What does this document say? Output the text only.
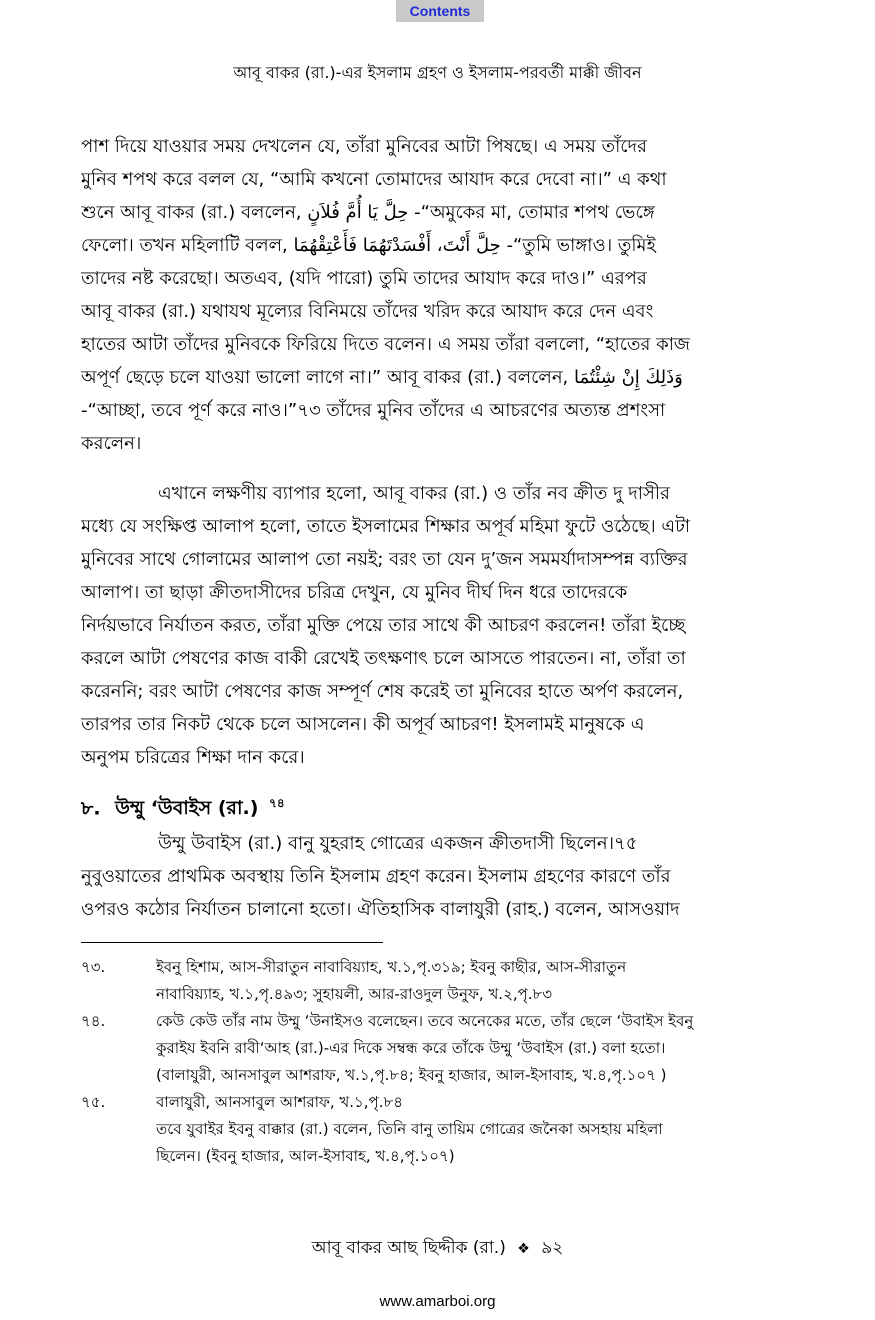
Contents
আবূ বাকর (রা.)-এর ইসলাম গ্রহণ ও ইসলাম-পরবর্তী মাক্কী জীবন
পাশ দিয়ে যাওয়ার সময় দেখলেন যে, তাঁরা মুনিবের আটা পিষছে। এ সময় তাঁদের
মুনিব শপথ করে বলল যে, “আমি কখনো তোমাদের আযাদ করে দেবো না।” এ কথা
শুনে আবূ বাকর (রা.) বললেন, حِلَّ يَا أُمَّ فُلاَنٍ -“অমুকের মা, তোমার শপথ ভেঙ্গে
ফেলো। তখন মহিলাটি বলল, حِلَّ أَنْتَ، أَفْسَدْتَهُمَا فَأَعْتِقْهُمَا -“তুমি ভাঙ্গাও। তুমিই
তাদের নষ্ট করেছো। অতএব, (যদি পারো) তুমি তাদের আযাদ করে দাও।” এরপর
আবূ বাকর (রা.) যথাযথ মূল্যের বিনিময়ে তাঁদের খরিদ করে আযাদ করে দেন এবং
হাতের আটা তাঁদের মুনিবকে ফিরিয়ে দিতে বলেন। এ সময় তাঁরা বললো, “হাতের কাজ
অপূর্ণ ছেড়ে চলে যাওয়া ভালো লাগে না।” আবূ বাকর (রা.) বললেন, وَذَلِكَ إِنْ شِئْتُمَا
-“আচ্ছা, তবে পূর্ণ করে নাও।”৭৩ তাঁদের মুনিব তাঁদের এ আচরণের অত্যন্ত প্রশংসা
করলেন।
এখানে লক্ষণীয় ব্যাপার হলো, আবূ বাকর (রা.) ও তাঁর নব ক্রীত দু দাসীর
মধ্যে যে সংক্ষিপ্ত আলাপ হলো, তাতে ইসলামের শিক্ষার অপূর্ব মহিমা ফুটে ওঠেছে। এটা
মুনিবের সাথে গোলামের আলাপ তো নয়ই; বরং তা যেন দু’জন সমমর্যাদাসম্পন্ন ব্যক্তির
আলাপ। তা ছাড়া ক্রীতদাসীদের চরিত্র দেখুন, যে মুনিব দীর্ঘ দিন ধরে তাদেরকে
নির্দয়ভাবে নির্যাতন করত, তাঁরা মুক্তি পেয়ে তার সাথে কী আচরণ করলেন! তাঁরা ইচ্ছে
করলে আটা পেষণের কাজ বাকী রেখেই তৎক্ষণাৎ চলে আসতে পারতেন। না, তাঁরা তা
করেননি; বরং আটা পেষণের কাজ সম্পূর্ণ শেষ করেই তা মুনিবের হাতে অর্পণ করলেন,
তারপর তার নিকট থেকে চলে আসলেন। কী অপূর্ব আচরণ! ইসলামই মানুষকে এ
অনুপম চরিত্রের শিক্ষা দান করে।
৮. উম্মু ‘উবাইস (রা.) $^{৭৪}$
উম্মু উবাইস (রা.) বানু যুহরাহ গোত্রের একজন ক্রীতদাসী ছিলেন।৭৫
নুবুওয়াতের প্রাথমিক অবস্থায় তিনি ইসলাম গ্রহণ করেন। ইসলাম গ্রহণের কারণে তাঁর
ওপরও কঠোর নির্যাতন চালানো হতো। ঐতিহাসিক বালাযুরী (রাহ.) বলেন, আসওয়াদ
৭৩.	ইবনু হিশাম, আস-সীরাতুন নাবাবিয়্যাহ, খ.১,পৃ.৩১৯; ইবনু কাছীর, আস-সীরাতুন
নাবাবিয়্যাহ, খ.১,পৃ.৪৯৩; সুহায়লী, আর-রাওদুল উনুফ, খ.২,পৃ.৮৩
৭৪.	কেউ কেউ তাঁর নাম উম্মু ‘উনাইসও বলেছেন। তবে অনেকের মতে, তাঁর ছেলে ‘উবাইস ইবনু
কুরাইয ইবনি রাবী‘আহ (রা.)-এর দিকে সম্বন্ধ করে তাঁকে উম্মু ‘উবাইস (রা.) বলা হতো।
(বালাযুরী, আনসাবুল আশরাফ, খ.১,পৃ.৮৪; ইবনু হাজার, আল-ইসাবাহ, খ.৪,পৃ.১০৭ )
৭৫.	বালাযুরী, আনসাবুল আশরাফ, খ.১,পৃ.৮৪
তবে যুবাইর ইবনু বাক্কার (রা.) বলেন, তিনি বানু তায়িম গোত্রের জনৈকা অসহায় মহিলা
ছিলেন। (ইবনু হাজার, আল-ইসাবাহ, খ.৪,পৃ.১০৭)
আবূ বাকর আছ ছিদ্দীক (রা.) ❖ ৯২
www.amarboi.org
